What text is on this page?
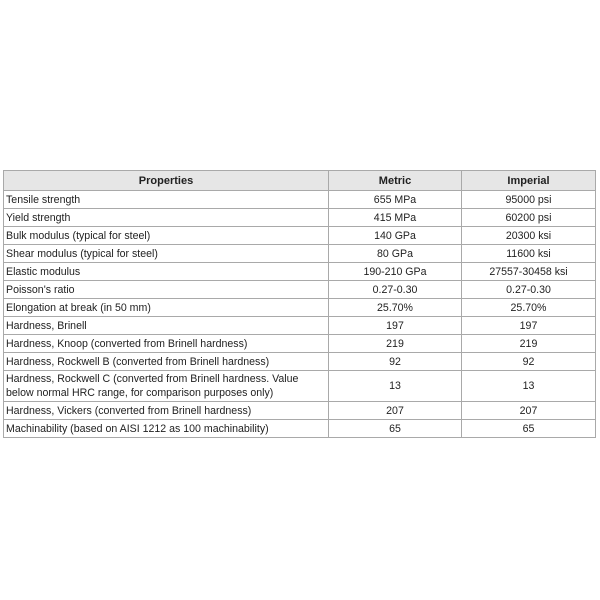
Properties	Metric	Imperial
Tensile strength	655 MPa	95000 psi
Yield strength	415 MPa	60200 psi
Bulk modulus (typical for steel)	140 GPa	20300 ksi
Shear modulus (typical for steel)	80 GPa	11600 ksi
Elastic modulus	190-210 GPa	27557-30458 ksi
Poisson's ratio	0.27-0.30	0.27-0.30
Elongation at break (in 50 mm)	25.70%	25.70%
Hardness, Brinell	197	197
Hardness, Knoop (converted from Brinell hardness)	219	219
Hardness, Rockwell B (converted from Brinell hardness)	92	92
Hardness, Rockwell C (converted from Brinell hardness. Value below normal HRC range, for comparison purposes only)	13	13
Hardness, Vickers (converted from Brinell hardness)	207	207
Machinability (based on AISI 1212 as 100 machinability)	65	65
